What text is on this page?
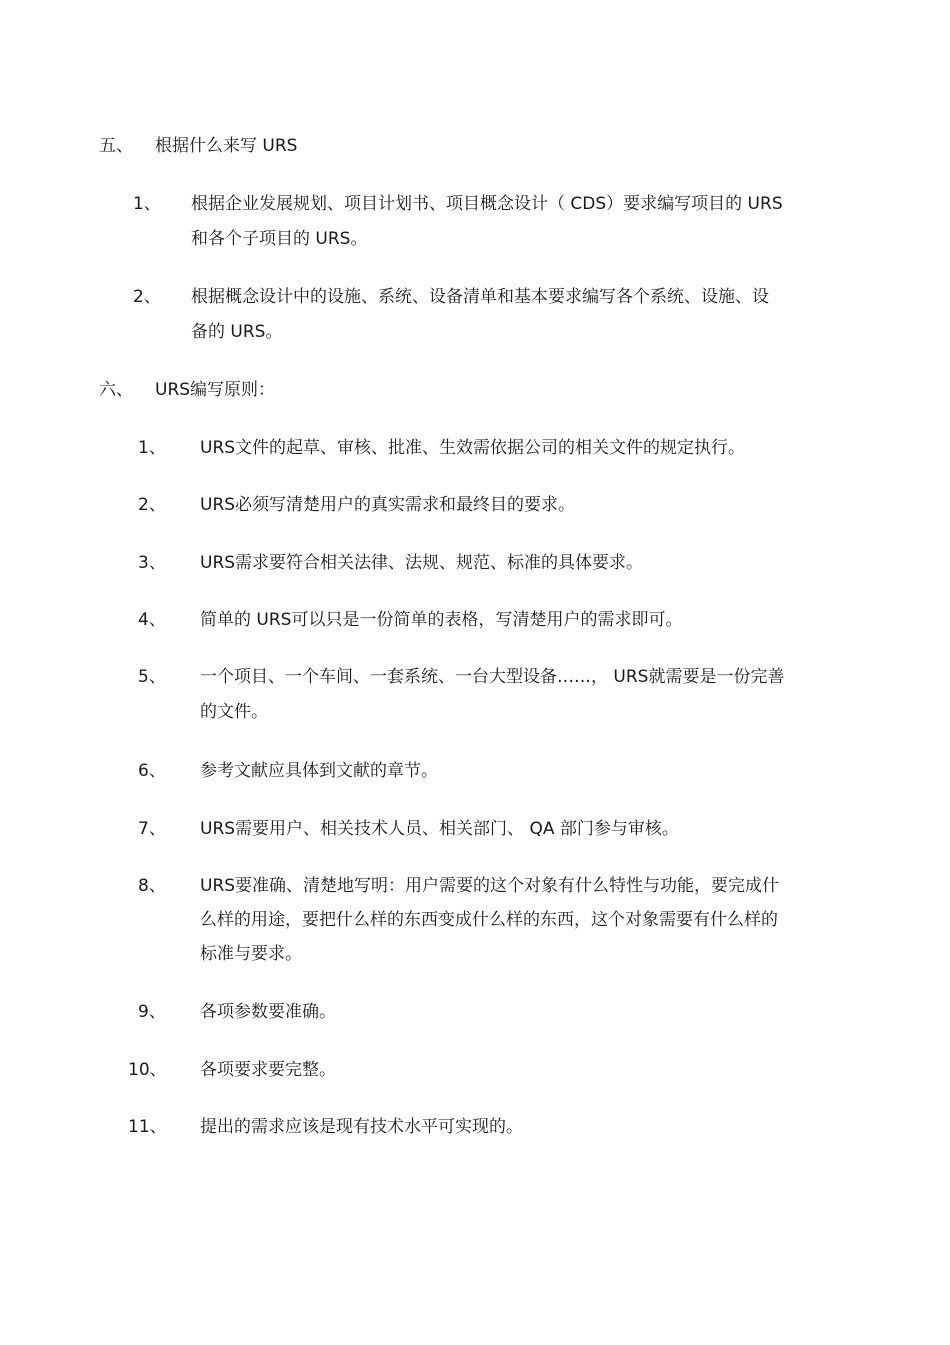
五、 根据什么来写 URS
1、 根据企业发展规划、项目计划书、项目概念设计（ CDS）要求编写项目的 URS
和各个子项目的 URS。
2、 根据概念设计中的设施、系统、设备清单和基本要求编写各个系统、设施、设
备的 URS。
六、 URS编写原则：
1、 URS文件的起草、审核、批准、生效需依据公司的相关文件的规定执行。
2、 URS必须写清楚用户的真实需求和最终目的要求。
3、 URS需求要符合相关法律、法规、规范、标准的具体要求。
4、 简单的 URS可以只是一份简单的表格，写清楚用户的需求即可。
5、 一个项目、一个车间、一套系统、一台大型设备……， URS就需要是一份完善
的文件。
6、 参考文献应具体到文献的章节。
7、 URS需要用户、相关技术人员、相关部门、 QA 部门参与审核。
8、 URS要准确、清楚地写明：用户需要的这个对象有什么特性与功能，要完成什
么样的用途，要把什么样的东西变成什么样的东西，这个对象需要有什么样的
标准与要求。
9、 各项参数要准确。
10、 各项要求要完整。
11、 提出的需求应该是现有技术水平可实现的。
